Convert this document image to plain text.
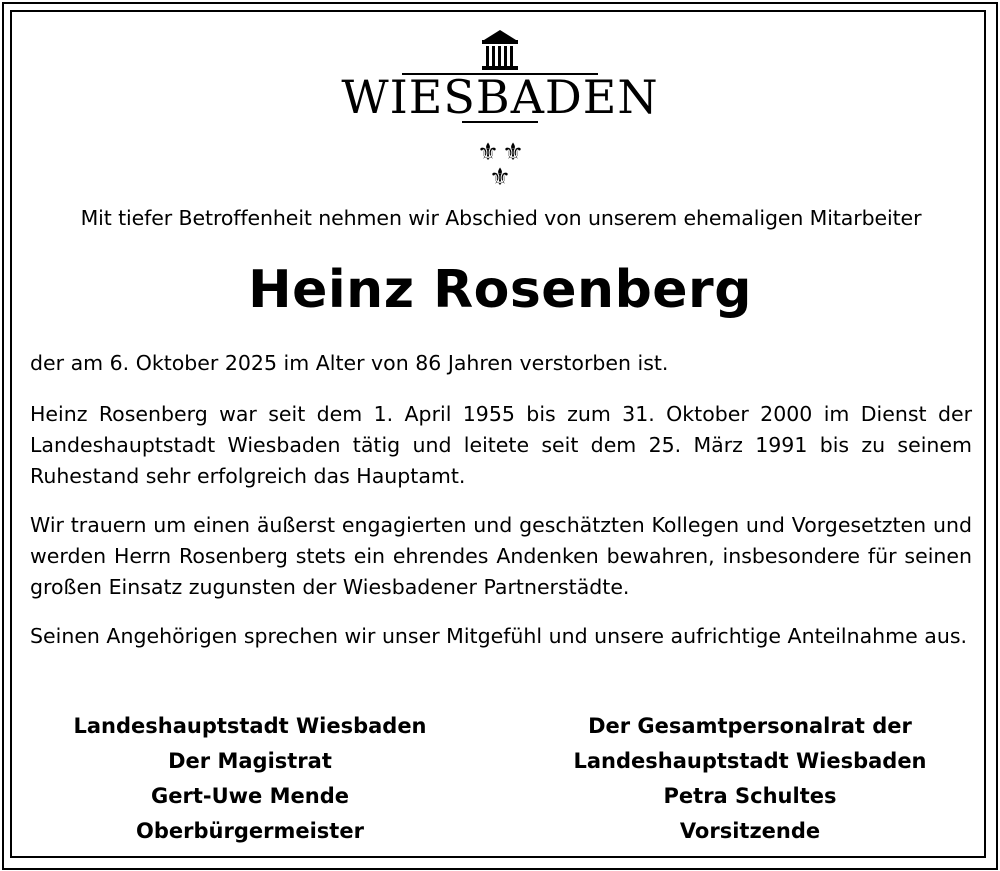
⚜ ⚜
⚜
WIESBADEN
Mit tiefer Betroffenheit nehmen wir Abschied von unserem ehemaligen Mitarbeiter
Heinz Rosenberg
der am 6. Oktober 2025 im Alter von 86 Jahren verstorben ist.
Heinz Rosenberg war seit dem 1. April 1955 bis zum 31. Oktober 2000 im Dienst der Landeshauptstadt Wiesbaden tätig und leitete seit dem 25. März 1991 bis zu seinem Ruhestand sehr erfolgreich das Hauptamt.
Wir trauern um einen äußerst engagierten und geschätzten Kollegen und Vorgesetzten und werden Herrn Rosenberg stets ein ehrendes Andenken bewahren, insbesondere für seinen großen Einsatz zugunsten der Wiesbadener Partnerstädte.
Seinen Angehörigen sprechen wir unser Mitgefühl und unsere aufrichtige Anteilnahme aus.
Landeshauptstadt Wiesbaden
Der Magistrat
Gert-Uwe Mende
Oberbürgermeister
Der Gesamtpersonalrat der
Landeshauptstadt Wiesbaden
Petra Schultes
Vorsitzende
